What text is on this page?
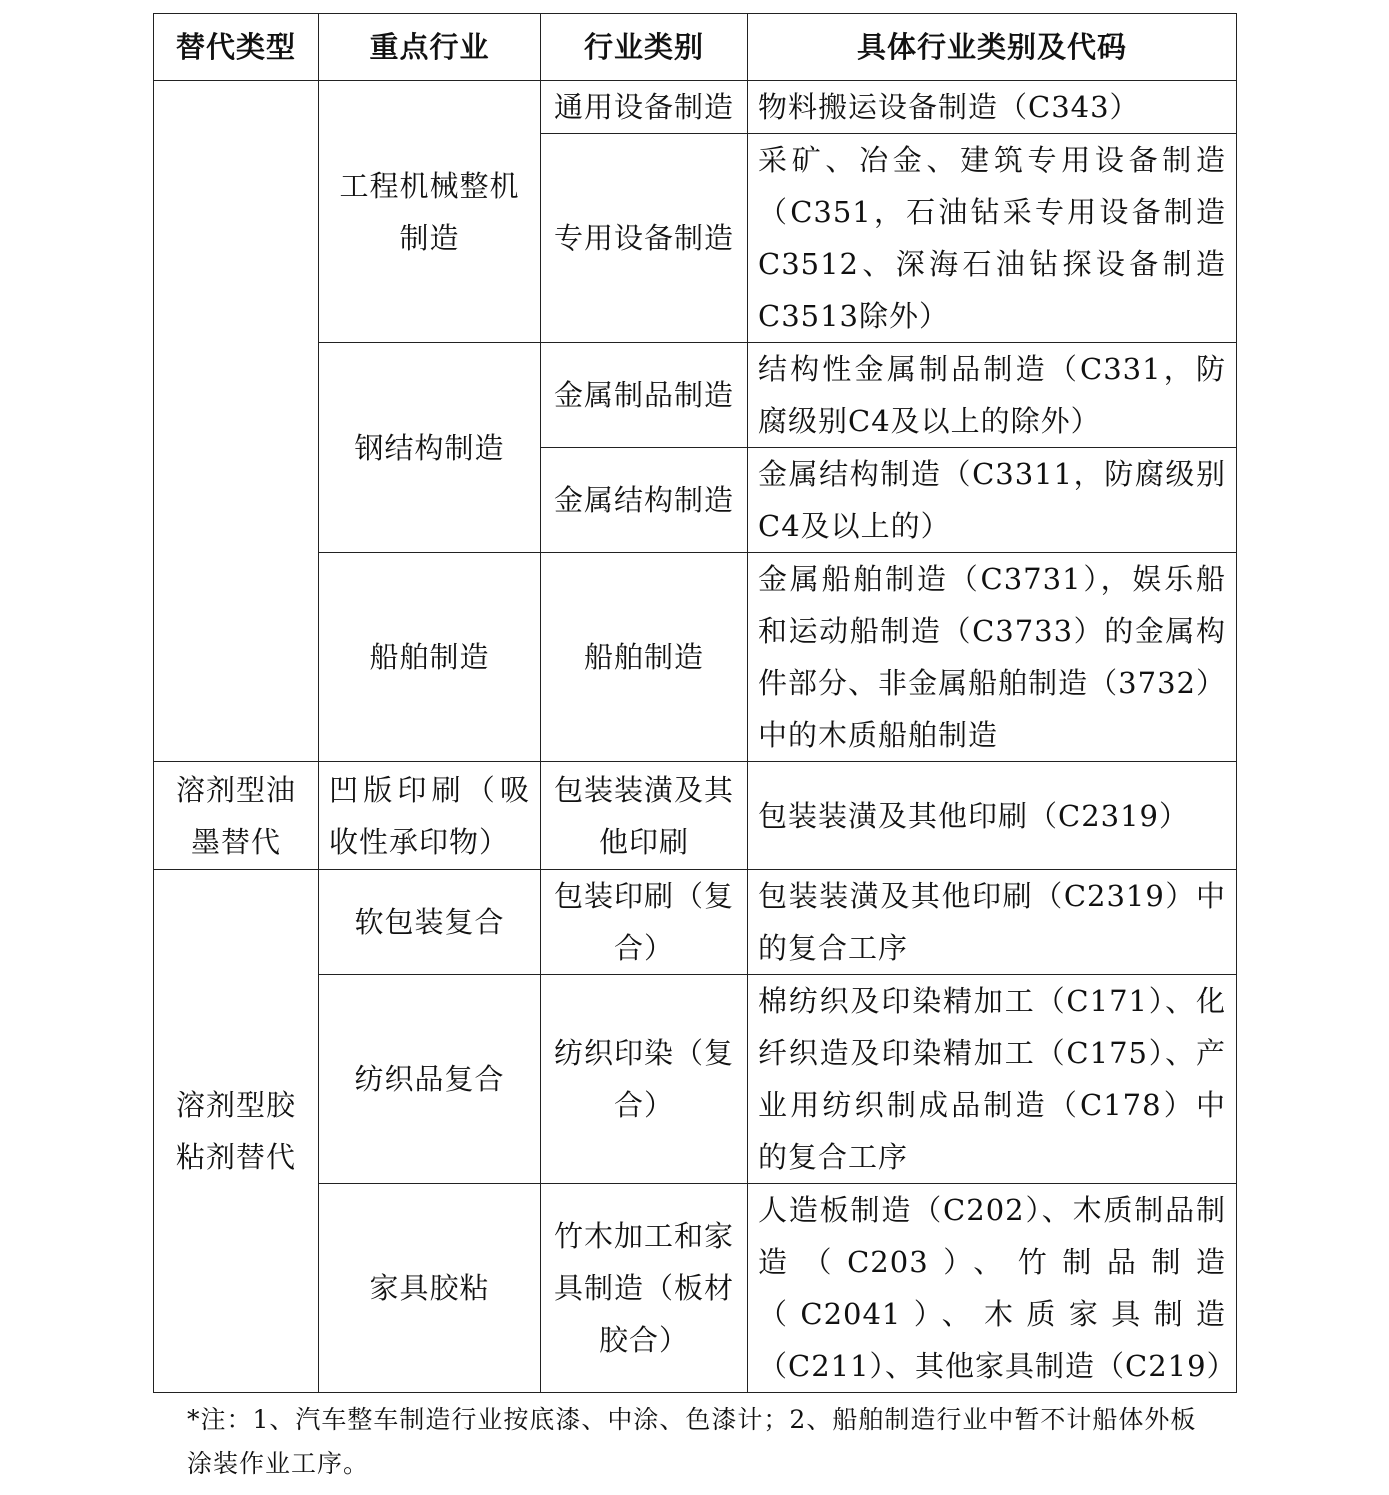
替代类型	重点行业	行业类别	具体行业类别及代码
	工程机械整机制造	通用设备制造	物料搬运设备制造（C343）
		专用设备制造	采矿、冶金、建筑专用设备制造（C351，石油钻采专用设备制造C3512、深海石油钻探设备制造C3513除外）
	钢结构制造	金属制品制造	结构性金属制品制造（C331，防腐级别C4及以上的除外）
		金属结构制造	金属结构制造（C3311，防腐级别C4及以上的）
	船舶制造	船舶制造	金属船舶制造（C3731），娱乐船和运动船制造（C3733）的金属构件部分、非金属船舶制造（3732）中的木质船舶制造
溶剂型油墨替代	凹版印刷（吸收性承印物）	包装装潢及其他印刷	包装装潢及其他印刷（C2319）
溶剂型胶粘剂替代	软包装复合	包装印刷（复合）	包装装潢及其他印刷（C2319）中的复合工序
	纺织品复合	纺织印染（复合）	棉纺织及印染精加工（C171）、化纤织造及印染精加工（C175）、产业用纺织制成品制造（C178）中的复合工序
	家具胶粘	竹木加工和家具制造（板材胶合）	人造板制造（C202）、木质制品制造（C203）、竹制品制造（C2041）、木质家具制造（C211）、其他家具制造（C219）
*注：1、汽车整车制造行业按底漆、中涂、色漆计；2、船舶制造行业中暂不计船体外板涂装作业工序。
